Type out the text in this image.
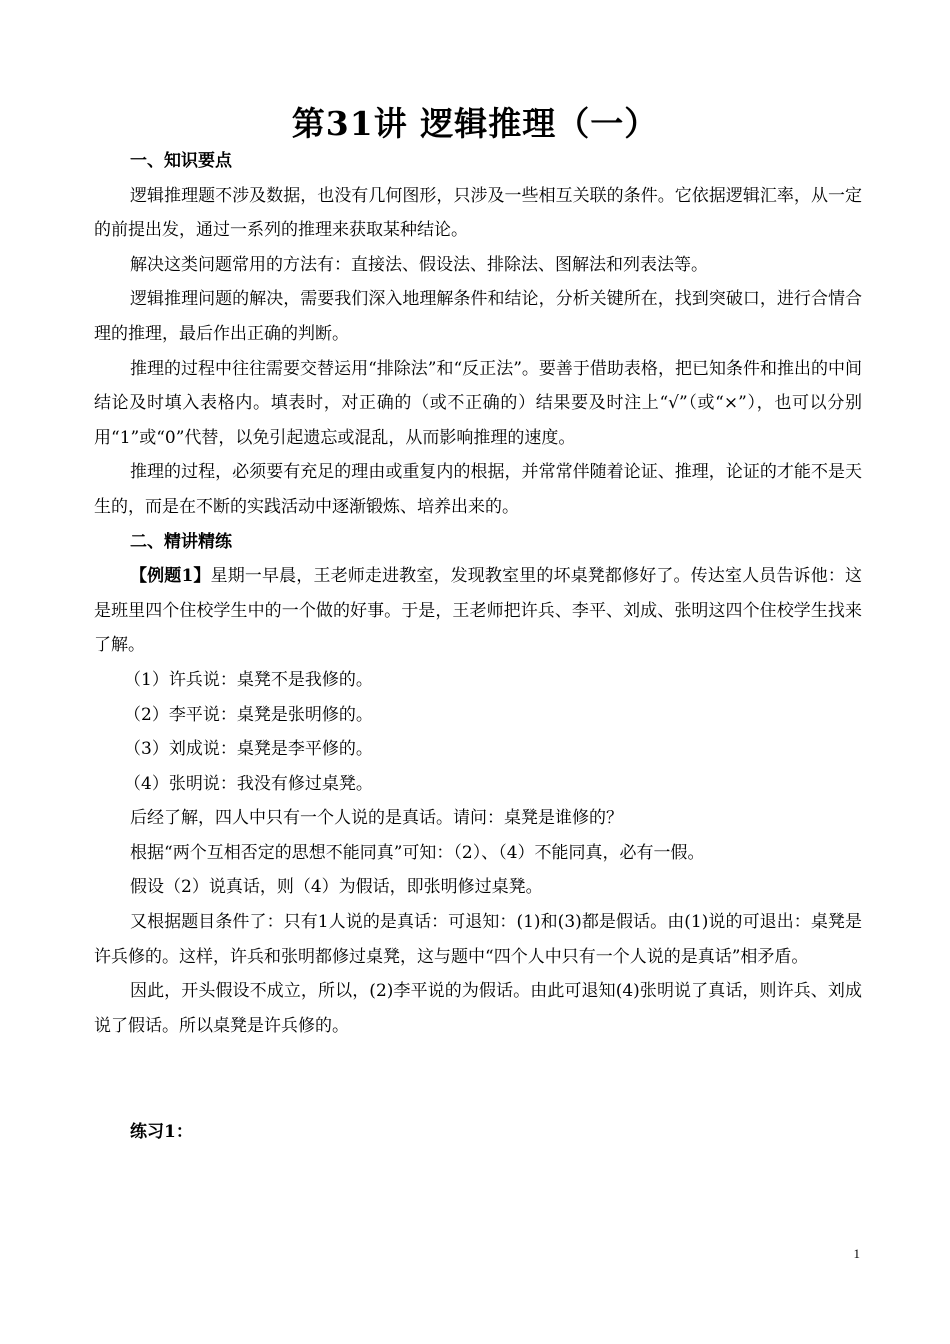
第31讲 逻辑推理（一）

一、知识要点

逻辑推理题不涉及数据，也没有几何图形，只涉及一些相互关联的条件。它依据逻辑汇率，从一定的前提出发，通过一系列的推理来获取某种结论。

解决这类问题常用的方法有：直接法、假设法、排除法、图解法和列表法等。

逻辑推理问题的解决，需要我们深入地理解条件和结论，分析关键所在，找到突破口，进行合情合理的推理，最后作出正确的判断。

推理的过程中往往需要交替运用“排除法”和“反正法”。要善于借助表格，把已知条件和推出的中间结论及时填入表格内。填表时，对正确的（或不正确的）结果要及时注上“√”（或“×”），也可以分别用“1”或“0”代替，以免引起遗忘或混乱，从而影响推理的速度。

推理的过程，必须要有充足的理由或重复内的根据，并常常伴随着论证、推理，论证的才能不是天生的，而是在不断的实践活动中逐渐锻炼、培养出来的。

二、精讲精练

【例题1】星期一早晨，王老师走进教室，发现教室里的坏桌凳都修好了。传达室人员告诉他：这是班里四个住校学生中的一个做的好事。于是，王老师把许兵、李平、刘成、张明这四个住校学生找来了解。

（1）许兵说：桌凳不是我修的。

（2）李平说：桌凳是张明修的。

（3）刘成说：桌凳是李平修的。

（4）张明说：我没有修过桌凳。

后经了解，四人中只有一个人说的是真话。请问：桌凳是谁修的？

根据“两个互相否定的思想不能同真”可知：（2）、（4）不能同真，必有一假。

假设（2）说真话，则（4）为假话，即张明修过桌凳。

又根据题目条件了：只有1人说的是真话：可退知：(1)和(3)都是假话。由(1)说的可退出：桌凳是许兵修的。这样，许兵和张明都修过桌凳，这与题中“四个人中只有一个人说的是真话”相矛盾。

因此，开头假设不成立，所以，(2)李平说的为假话。由此可退知(4)张明说了真话，则许兵、刘成说了假话。所以桌凳是许兵修的。

练习1：

1
